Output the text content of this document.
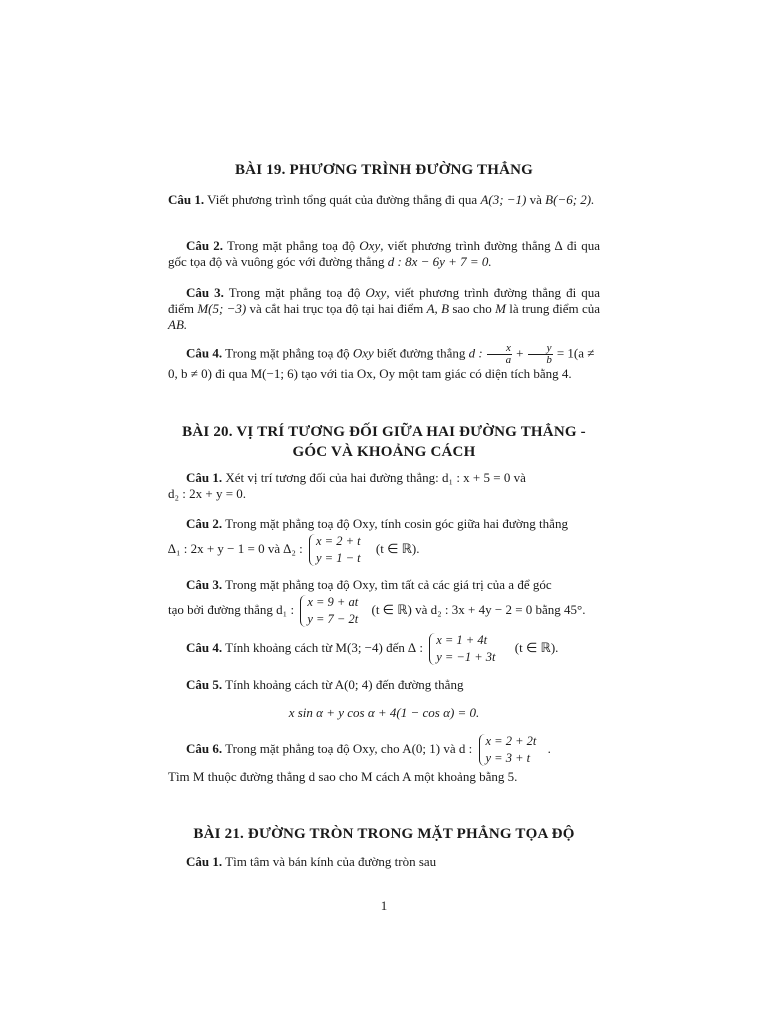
BÀI 19. PHƯƠNG TRÌNH ĐƯỜNG THẲNG
Câu 1. Viết phương trình tổng quát của đường thẳng đi qua A(3; −1) và B(−6; 2).
Câu 2. Trong mặt phẳng toạ độ Oxy, viết phương trình đường thẳng ∆ đi qua gốc tọa độ và vuông góc với đường thẳng d : 8x − 6y + 7 = 0.
Câu 3. Trong mặt phẳng toạ độ Oxy, viết phương trình đường thẳng đi qua điểm M(5; −3) và cắt hai trục tọa độ tại hai điểm A, B sao cho M là trung điểm của AB.
Câu 4. Trong mặt phẳng toạ độ Oxy biết đường thẳng d : $\frac{x}{a} + \frac{y}{b} = 1(a$ ≠
0, b ≠ 0) đi qua M(−1; 6) tạo với tia Ox, Oy một tam giác có diện tích bằng 4.
BÀI 20. VỊ TRÍ TƯƠNG ĐỐI GIỮA HAI ĐƯỜNG THẲNG -
GÓC VÀ KHOẢNG CÁCH
Câu 1. Xét vị trí tương đối của hai đường thẳng: d₁ : x + 5 = 0 và
d₂ : 2x + y = 0.
Câu 2. Trong mặt phẳng toạ độ Oxy, tính cosin góc giữa hai đường thẳng
∆₁ : 2x + y − 1 = 0 và ∆₂ : x = 2 + t
y = 1 − t
(t ∈ ℝ).
Câu 3. Trong mặt phẳng toạ độ Oxy, tìm tất cả các giá trị của a để góc
tạo bởi đường thẳng d₁ : x = 9 + at
y = 7 − 2t
(t ∈ ℝ) và d₂ : 3x + 4y − 2 = 0 bằng 45°.
Câu 4. Tính khoảng cách từ M(3; −4) đến ∆ : x = 1 + 4t
y = −1 + 3t
(t ∈ ℝ).
Câu 5. Tính khoảng cách từ A(0; 4) đến đường thẳng
x sin α + y cos α + 4(1 − cos α) = 0.
Câu 6. Trong mặt phẳng toạ độ Oxy, cho A(0; 1) và d : x = 2 + 2t
y = 3 + t
.
Tìm M thuộc đường thẳng d sao cho M cách A một khoảng bằng 5.
BÀI 21. ĐƯỜNG TRÒN TRONG MẶT PHẲNG TỌA ĐỘ
Câu 1. Tìm tâm và bán kính của đường tròn sau
1
